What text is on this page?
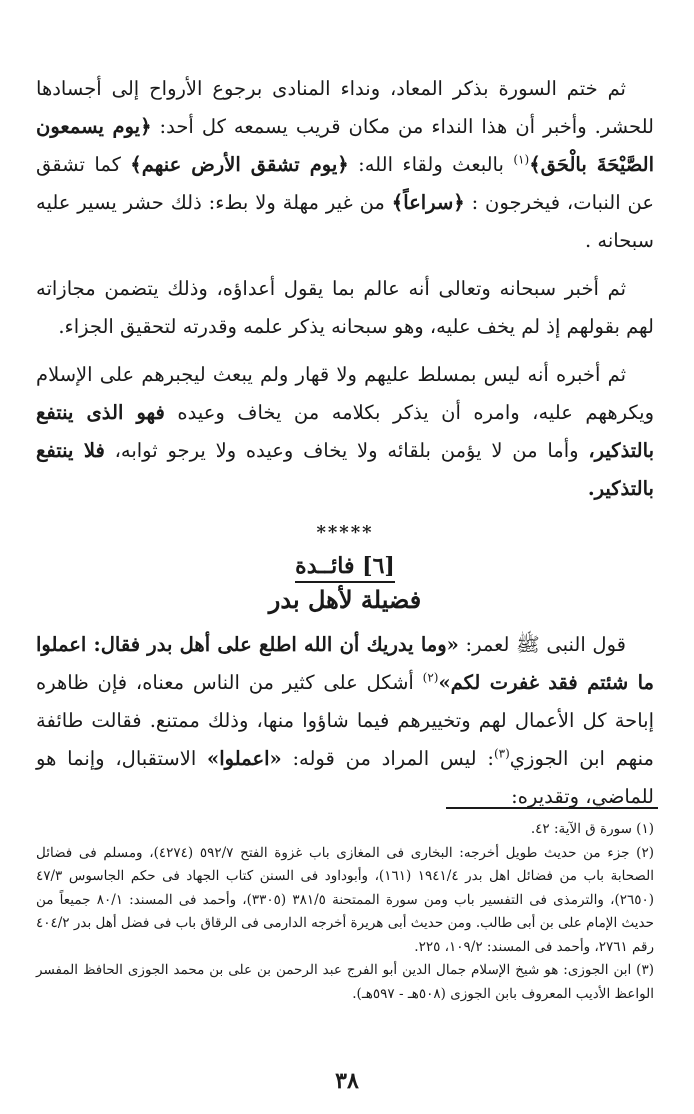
ثم ختم السورة بذكر المعاد، ونداء المنادى برجوع الأرواح إلى أجسادها للحشر. وأخبر أن هذا النداء من مكان قريب يسمعه كل أحد: ﴿يوم يسمعون الصَّيْحَةَ بالْحَق﴾$^{(١)}$ بالبعث ولقاء الله: ﴿يوم تشقق الأرض عنهم﴾ كما تشقق عن النبات، فيخرجون : ﴿سراعاً﴾ من غير مهلة ولا بطء: ذلك حشر يسير عليه سبحانه .

ثم أخبر سبحانه وتعالى أنه عالم بما يقول أعداؤه، وذلك يتضمن مجازاته لهم بقولهم إذ لم يخف عليه، وهو سبحانه يذكر علمه وقدرته لتحقيق الجزاء.

ثم أخبره أنه ليس بمسلط عليهم ولا قهار ولم يبعث ليجبرهم على الإسلام ويكرههم عليه، وامره أن يذكر بكلامه من يخاف وعيده فهو الذى ينتفع بالتذكير، وأما من لا يؤمن بلقائه ولا يخاف وعيده ولا يرجو ثوابه، فلا ينتفع بالتذكير.

*****
[٦] فائــدة
فضيلة لأهل بدر

قول النبى ﷺ لعمر: «وما يدريك أن الله اطلع على أهل بدر فقال: اعملوا ما شئتم فقد غفرت لكم»$^{(٢)}$ أشكل على كثير من الناس معناه، فإن ظاهره إباحة كل الأعمال لهم وتخييرهم فيما شاؤوا منها، وذلك ممتنع. فقالت طائفة منهم ابن الجوزي$^{(٣)}$: ليس المراد من قوله: «اعملوا» الاستقبال، وإنما هو للماضي، وتقديره:

(١) سورة ق الآية: ٤٢.

(٢) جزء من حديث طويل أخرجه: البخارى فى المغازى باب غزوة الفتح ٥٩٢/٧ (٤٢٧٤)، ومسلم فى فضائل الصحابة باب من فضائل اهل بدر ١٩٤١/٤ (١٦١)، وأبوداود فى السنن كتاب الجهاد فى حكم الجاسوس ٤٧/٣ (٢٦٥٠)، والترمذى فى التفسير باب ومن سورة الممتحنة ٣٨١/٥ (٣٣٠٥)، وأحمد فى المسند: ٨٠/١ جميعاً من حديث الإمام على بن أبى طالب. ومن حديث أبى هريرة أخرجه الدارمى فى الرقاق باب فى فضل أهل بدر ٤٠٤/٢ رقم ٢٧٦١، وأحمد فى المسند: ١٠٩/٢، ٢٢٥.

(٣) ابن الجوزى: هو شيخ الإسلام جمال الدين أبو الفرج عبد الرحمن بن على بن محمد الجوزى الحافظ المفسر الواعظ الأديب المعروف بابن الجوزى (٥٠٨هـ - ٥٩٧هـ).

٣٨
